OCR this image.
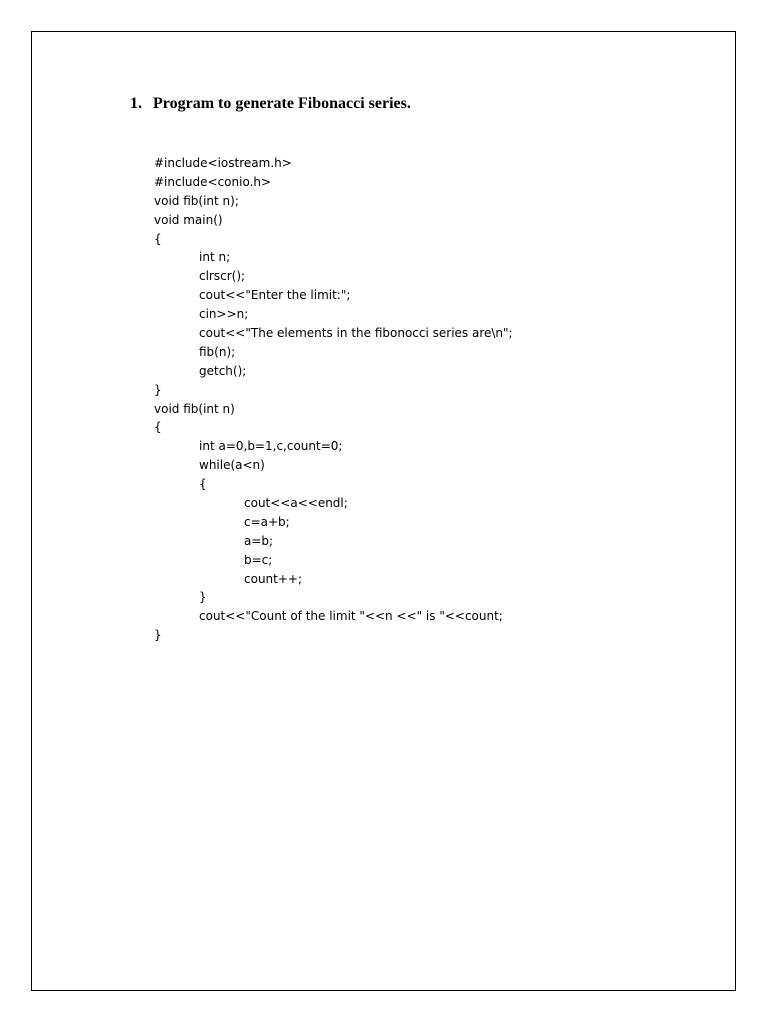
1. Program to generate Fibonacci series.
#include<iostream.h>
#include<conio.h>
void fib(int n);
void main()
{
int n;
clrscr();
cout<<"Enter the limit:";
cin>>n;
cout<<"The elements in the fibonocci series are\n";
fib(n);
getch();
}
void fib(int n)
{
int a=0,b=1,c,count=0;
while(a<n)
{
cout<<a<<endl;
c=a+b;
a=b;
b=c;
count++;
}
cout<<"Count of the limit "<<n <<" is "<<count;
}
